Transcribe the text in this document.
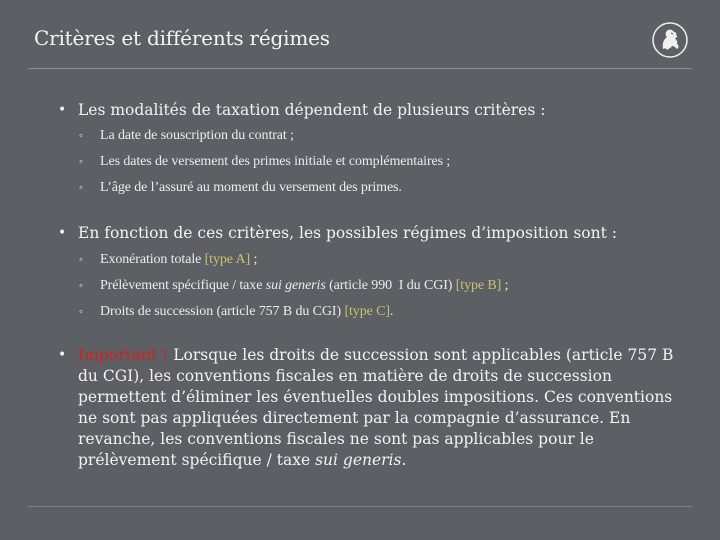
Critères et différents régimes
• Les modalités de taxation dépendent de plusieurs critères :
◦ La date de souscription du contrat ;
◦ Les dates de versement des primes initiale et complémentaires ;
◦ L’âge de l’assuré au moment du versement des primes.
• En fonction de ces critères, les possibles régimes d’imposition sont :
◦ Exonération totale [type A] ;
◦ Prélèvement spécifique / taxe sui generis (article 990  I du CGI) [type B] ;
◦ Droits de succession (article 757 B du CGI) [type C].
• Important ! Lorsque les droits de succession sont applicables (article 757 B du CGI), les conventions fiscales en matière de droits de succession permettent d’éliminer les éventuelles doubles impositions. Ces conventions ne sont pas appliquées directement par la compagnie d’assurance. En revanche, les conventions fiscales ne sont pas applicables pour le prélèvement spécifique / taxe sui generis.
